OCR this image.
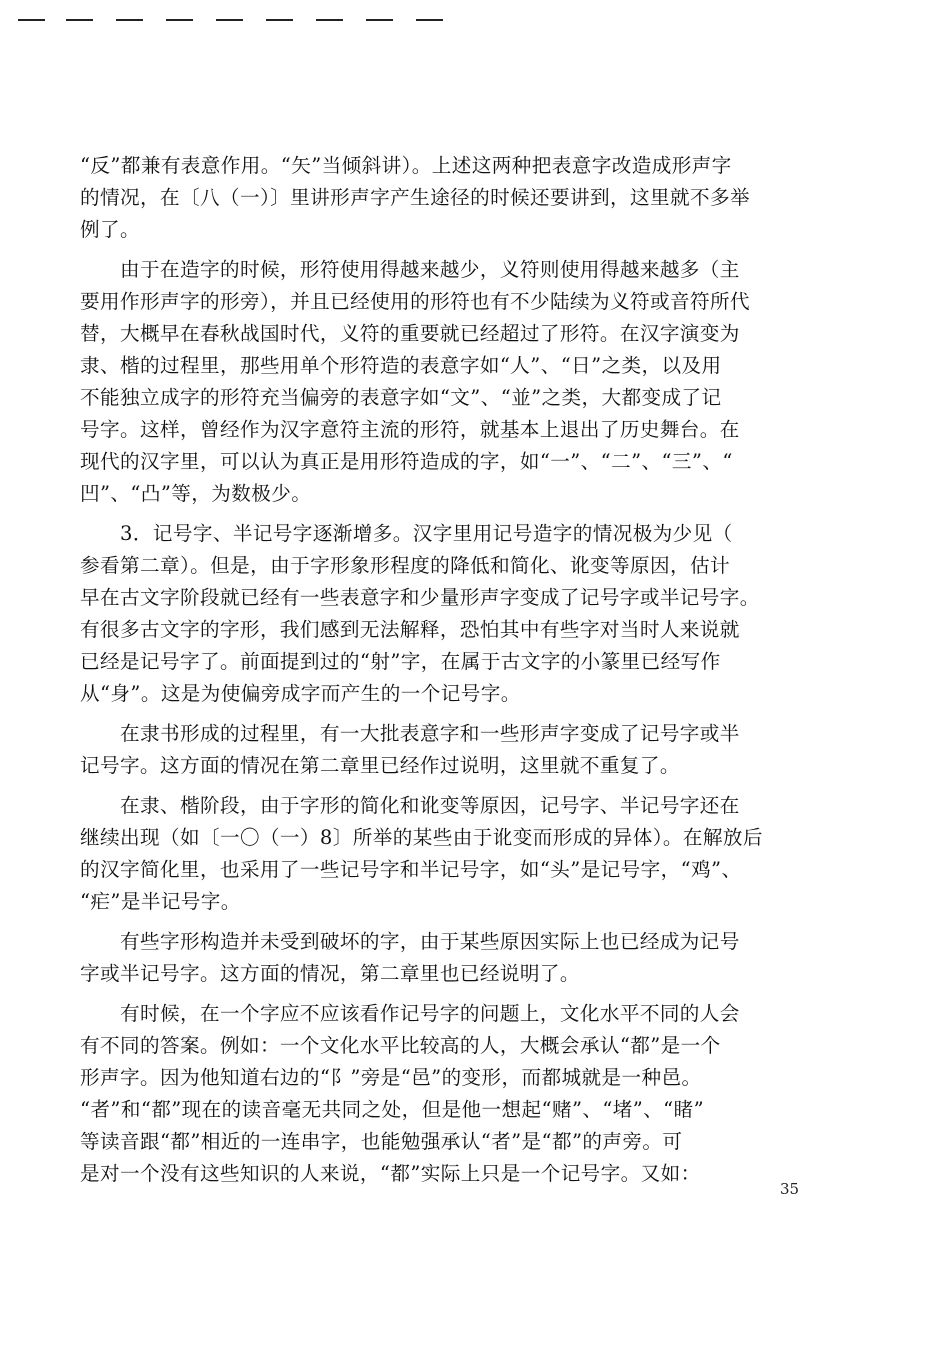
“反”都兼有表意作用。“矢”当倾斜讲）。上述这两种把表意字改造成形声字
的情况，在〔八（一）〕里讲形声字产生途径的时候还要讲到，这里就不多举
例了。
　　由于在造字的时候，形符使用得越来越少，义符则使用得越来越多（主
要用作形声字的形旁），并且已经使用的形符也有不少陆续为义符或音符所代
替，大概早在春秋战国时代，义符的重要就已经超过了形符。在汉字演变为
隶、楷的过程里，那些用单个形符造的表意字如“人”、“日”之类，以及用
不能独立成字的形符充当偏旁的表意字如“文”、“並”之类，大都变成了记
号字。这样，曾经作为汉字意符主流的形符，就基本上退出了历史舞台。在
现代的汉字里，可以认为真正是用形符造成的字，如“一”、“二”、“三”、“
凹”、“凸”等，为数极少。
　　3．记号字、半记号字逐渐增多。汉字里用记号造字的情况极为少见（
参看第二章）。但是，由于字形象形程度的降低和简化、讹变等原因，估计
早在古文字阶段就已经有一些表意字和少量形声字变成了记号字或半记号字。
有很多古文字的字形，我们感到无法解释，恐怕其中有些字对当时人来说就
已经是记号字了。前面提到过的“射”字，在属于古文字的小篆里已经写作
从“身”。这是为使偏旁成字而产生的一个记号字。
　　在隶书形成的过程里，有一大批表意字和一些形声字变成了记号字或半
记号字。这方面的情况在第二章里已经作过说明，这里就不重复了。
　　在隶、楷阶段，由于字形的简化和讹变等原因，记号字、半记号字还在
继续出现（如〔一〇（一）8〕所举的某些由于讹变而形成的异体）。在解放后
的汉字简化里，也采用了一些记号字和半记号字，如“头”是记号字，“鸡”、
“疟”是半记号字。
　　有些字形构造并未受到破坏的字，由于某些原因实际上也已经成为记号
字或半记号字。这方面的情况，第二章里也已经说明了。
　　有时候，在一个字应不应该看作记号字的问题上，文化水平不同的人会
有不同的答案。例如：一个文化水平比较高的人，大概会承认“都”是一个
形声字。因为他知道右边的“阝”旁是“邑”的变形，而都城就是一种邑。
“者”和“都”现在的读音毫无共同之处，但是他一想起“赌”、“堵”、“睹”
等读音跟“都”相近的一连串字，也能勉强承认“者”是“都”的声旁。可
是对一个没有这些知识的人来说，“都”实际上只是一个记号字。又如：
35
